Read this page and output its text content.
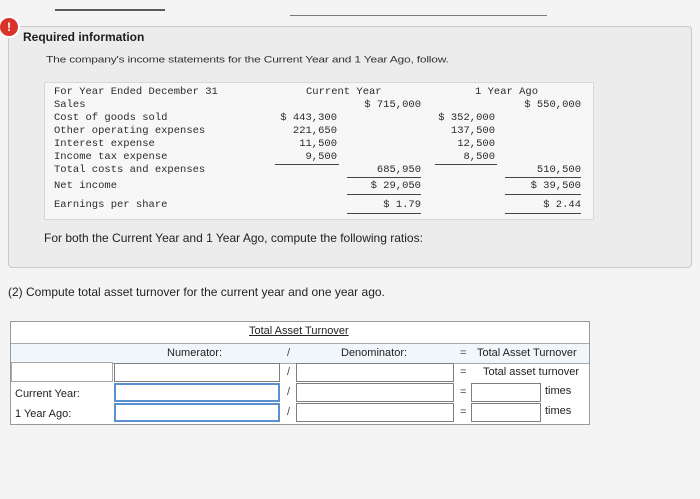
!
Required information
The company's income statements for the Current Year and 1 Year Ago, follow.
For Year Ended December 31	Current Year	1 Year Ago
Sales	$ 715,000	$ 550,000
Cost of goods sold	$ 443,300	$ 352,000
Other operating expenses	221,650	137,500
Interest expense	11,500	12,500
Income tax expense	9,500	8,500
Total costs and expenses	685,950	510,500
Net income	$ 29,050	$ 39,500
Earnings per share	$ 1.79	$ 2.44
For both the Current Year and 1 Year Ago, compute the following ratios:
(2) Compute total asset turnover for the current year and one year ago.
Total Asset Turnover
Numerator:	/	Denominator:	= Total Asset Turnover
/	= Total asset turnover
Current Year:	/	=	times
1 Year Ago:	/	=	times
